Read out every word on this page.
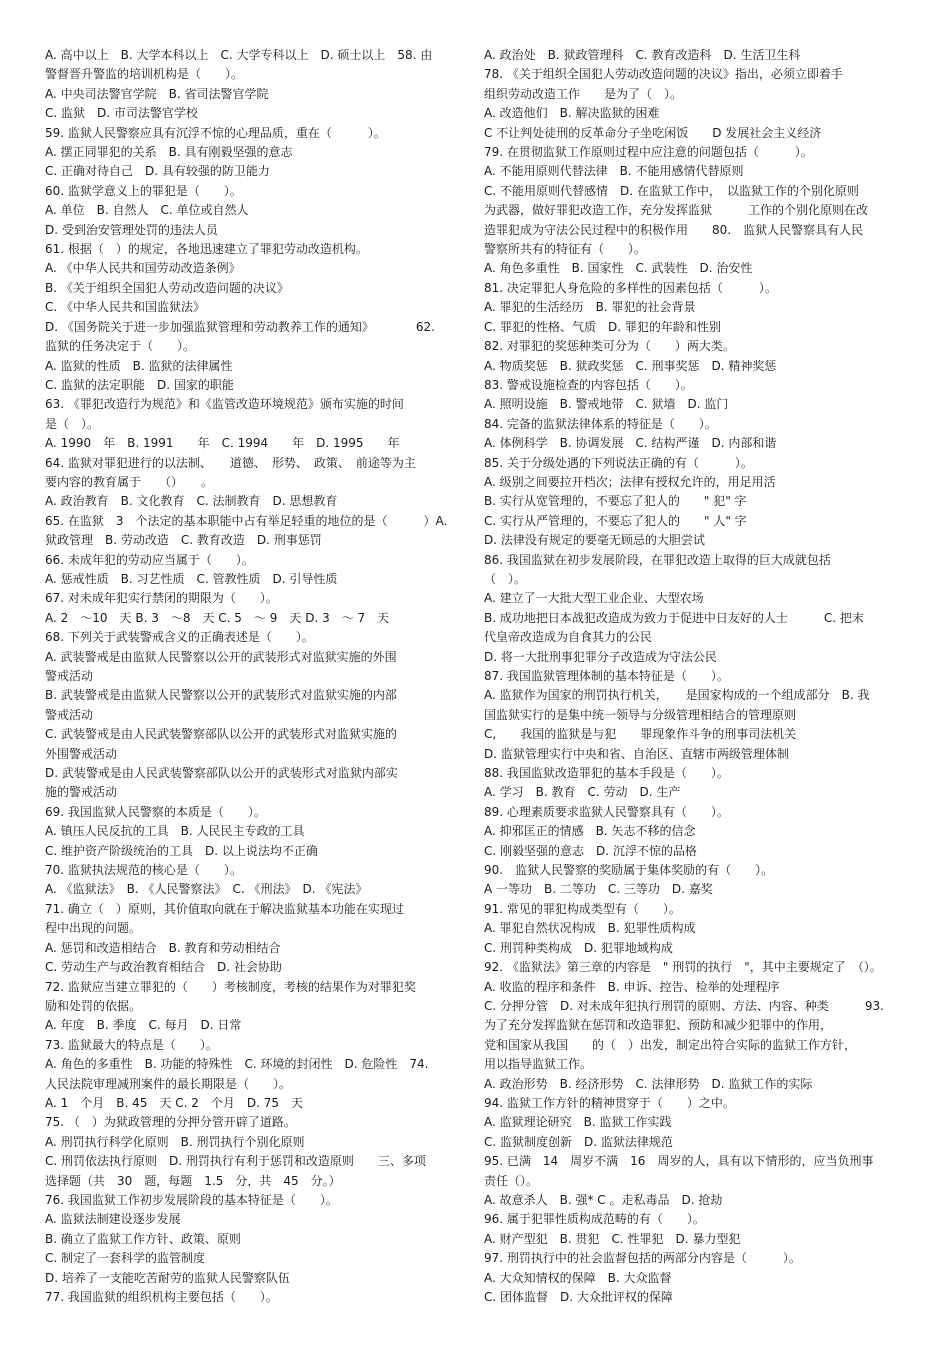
A. 高中以上　B. 大学本科以上　C. 大学专科以上　D. 硕士以上　58. 由
警督晋升警监的培训机构是（　　）。
A. 中央司法警官学院　B. 省司法警官学院
C. 监狱　D. 市司法警官学校
59. 监狱人民警察应具有沉浮不惊的心理品质，重在（　　　）。
A. 摆正同罪犯的关系　B. 具有刚毅坚强的意志
C. 正确对待自己　D. 具有较强的防卫能力
60. 监狱学意义上的罪犯是（　　）。
A. 单位　B. 自然人　C. 单位或自然人
D. 受到治安管理处罚的违法人员
61. 根据（　）的规定，各地迅速建立了罪犯劳动改造机构。
A. 《中华人民共和国劳动改造条例》
B. 《关于组织全国犯人劳动改造问题的决议》
C. 《中华人民共和国监狱法》
D. 《国务院关于进一步加强监狱管理和劳动教养工作的通知》　　　　62.
监狱的任务决定于（　　）。
A. 监狱的性质　B. 监狱的法律属性
C. 监狱的法定职能　D. 国家的职能
63. 《罪犯改造行为规范》和《监管改造环境规范》颁布实施的时间
是（　）。
A. 1990　年　B. 1991　　年　C. 1994　　年　D. 1995　　年
64. 监狱对罪犯进行的以法制、　　道德、　形势、　政策、　前途等为主
要内容的教育属于　　（）　　。
A. 政治教育　B. 文化教育　C. 法制教育　D. 思想教育
65. 在监狱　3　个法定的基本职能中占有举足轻重的地位的是（　　　）A.
狱政管理　B. 劳动改造　C. 教育改造　D. 刑事惩罚
66. 未成年犯的劳动应当属于（　　）。
A. 惩戒性质　B. 习艺性质　C. 管教性质　D. 引导性质
67. 对未成年犯实行禁闭的期限为（　　）。
A. 2　～10　天 B. 3　～8　天 C. 5　～ 9　天 D. 3　～ 7　天
68. 下列关于武装警戒含义的正确表述是（　　）。
A. 武装警戒是由监狱人民警察以公开的武装形式对监狱实施的外围
警戒活动
B. 武装警戒是由监狱人民警察以公开的武装形式对监狱实施的内部
警戒活动
C. 武装警戒是由人民武装警察部队以公开的武装形式对监狱实施的
外围警戒活动
D. 武装警戒是由人民武装警察部队以公开的武装形式对监狱内部实
施的警戒活动
69. 我国监狱人民警察的本质是（　　）。
A. 镇压人民反抗的工具　B. 人民民主专政的工具
C. 维护资产阶级统治的工具　D. 以上说法均不正确
70. 监狱执法规范的核心是（　　）。
A. 《监狱法》　B. 《人民警察法》　C. 《刑法》　D. 《宪法》
71. 确立（　）原则，其价值取向就在于解决监狱基本功能在实现过
程中出现的问题。
A. 惩罚和改造相结合　B. 教育和劳动相结合
C. 劳动生产与政治教育相结合　D. 社会协助
72. 监狱应当建立罪犯的（　　）考核制度，考核的结果作为对罪犯奖
励和处罚的依据。
A. 年度　B. 季度　C. 每月　D. 日常
73. 监狱最大的特点是（　　）。
A. 角色的多重性　B. 功能的特殊性　C. 环境的封闭性　D. 危险性　74.
人民法院审理减刑案件的最长期限是（　　）。
A. 1　个月　B. 45　天 C. 2　个月　D. 75　天
75. （　）为狱政管理的分押分管开辟了道路。
A. 刑罚执行科学化原则　B. 刑罚执行个别化原则
C. 刑罚依法执行原则　D. 刑罚执行有利于惩罚和改造原则　　三、多项
选择题（共　30　题，每题　1.5　分，共　45　分。）
76. 我国监狱工作初步发展阶段的基本特征是（　　）。
A. 监狱法制建设逐步发展
B. 确立了监狱工作方针、政策、原则
C. 制定了一套科学的监管制度
D. 培养了一支能吃苦耐劳的监狱人民警察队伍
77. 我国监狱的组织机构主要包括（　　）。
A. 政治处　B. 狱政管理科　C. 教育改造科　D. 生活卫生科
78. 《关于组织全国犯人劳动改造问题的决议》指出，必须立即着手
组织劳动改造工作　　是为了（　）。
A. 改造他们　B. 解决监狱的困难
C 不让判处徒刑的反革命分子坐吃闲饭　　D 发展社会主义经济
79. 在贯彻监狱工作原则过程中应注意的问题包括（　　　）。
A. 不能用原则代替法律　B. 不能用感情代替原则
C. 不能用原则代替感情　D. 在监狱工作中，　以监狱工作的个别化原则
为武器，做好罪犯改造工作，充分发挥监狱　　　工作的个别化原则在改
造罪犯成为守法公民过程中的积极作用　　80.　监狱人民警察具有人民
警察所共有的特征有（　　）。
A. 角色多重性　B. 国家性　C. 武装性　D. 治安性
81. 决定罪犯人身危险的多样性的因素包括（　　　）。
A. 罪犯的生活经历　B. 罪犯的社会背景
C. 罪犯的性格、气质　D. 罪犯的年龄和性别
82. 对罪犯的奖惩种类可分为（　　）两大类。
A. 物质奖惩　B. 狱政奖惩　C. 刑事奖惩　D. 精神奖惩
83. 警戒设施检查的内容包括（　　）。
A. 照明设施　B. 警戒地带　C. 狱墙　D. 监门
84. 完备的监狱法律体系的特征是（　　）。
A. 体例科学　B. 协调发展　C. 结构严谨　D. 内部和谐
85. 关于分级处遇的下列说法正确的有（　　　）。
A. 级别之间要拉开档次；法律有授权允许的，用足用活
B. 实行从宽管理的，不要忘了犯人的　　" 犯" 字
C. 实行从严管理的，不要忘了犯人的　　" 人" 字
D. 法律没有规定的要毫无顾忌的大胆尝试
86. 我国监狱在初步发展阶段，在罪犯改造上取得的巨大成就包括
（　）。
A. 建立了一大批大型工业企业、大型农场
B. 成功地把日本战犯改造成为致力于促进中日友好的人士　　　C. 把末
代皇帝改造成为自食其力的公民
D. 将一大批刑事犯罪分子改造成为守法公民
87. 我国监狱管理体制的基本特征是（　　）。
A. 监狱作为国家的刑罚执行机关，　　是国家构成的一个组成部分　B. 我
国监狱实行的是集中统一领导与分级管理相结合的管理原则
C,　　我国的监狱是与犯　　罪现象作斗争的刑事司法机关
D. 监狱管理实行中央和省、自治区、直辖市两级管理体制
88. 我国监狱改造罪犯的基本手段是（　　）。
A. 学习　B. 教育　C. 劳动　D. 生产
89. 心理素质要求监狱人民警察具有（　　）。
A. 抑邪匡正的情感　B. 矢志不移的信念
C. 刚毅坚强的意志　D. 沉浮不惊的品格
90.　监狱人民警察的奖励属于集体奖励的有（　　）。
A 一等功　B. 二等功　C. 三等功　D. 嘉奖
91. 常见的罪犯构成类型有（　　）。
A. 罪犯自然状况构成　B. 犯罪性质构成
C. 刑罚种类构成　D. 犯罪地域构成
92. 《监狱法》第三章的内容是　" 刑罚的执行　"，其中主要规定了　（）。
A. 收监的程序和条件　B. 申诉、控告、检举的处理程序
C. 分押分管　D. 对未成年犯执行刑罚的原则、方法、内容、种类　　　93.
为了充分发挥监狱在惩罚和改造罪犯、预防和减少犯罪中的作用，
党和国家从我国　　的（　）出发，制定出符合实际的监狱工作方针，
用以指导监狱工作。
A. 政治形势　B. 经济形势　C. 法律形势　D. 监狱工作的实际
94. 监狱工作方针的精神贯穿于（　　）之中。
A. 监狱理论研究　B. 监狱工作实践
C. 监狱制度创新　D. 监狱法律规范
95. 已满　14　周岁不满　16　周岁的人，具有以下情形的，应当负刑事
责任（）。
A. 故意杀人　B. 强* C 。走私毒品　D. 抢劫
96. 属于犯罪性质构成范畴的有（　　）。
A. 财产型犯　B. 贯犯　C. 性罪犯　D. 暴力型犯
97. 刑罚执行中的社会监督包括的两部分内容是（　　　）。
A. 大众知情权的保障　B. 大众监督
C. 团体监督　D. 大众批评权的保障
